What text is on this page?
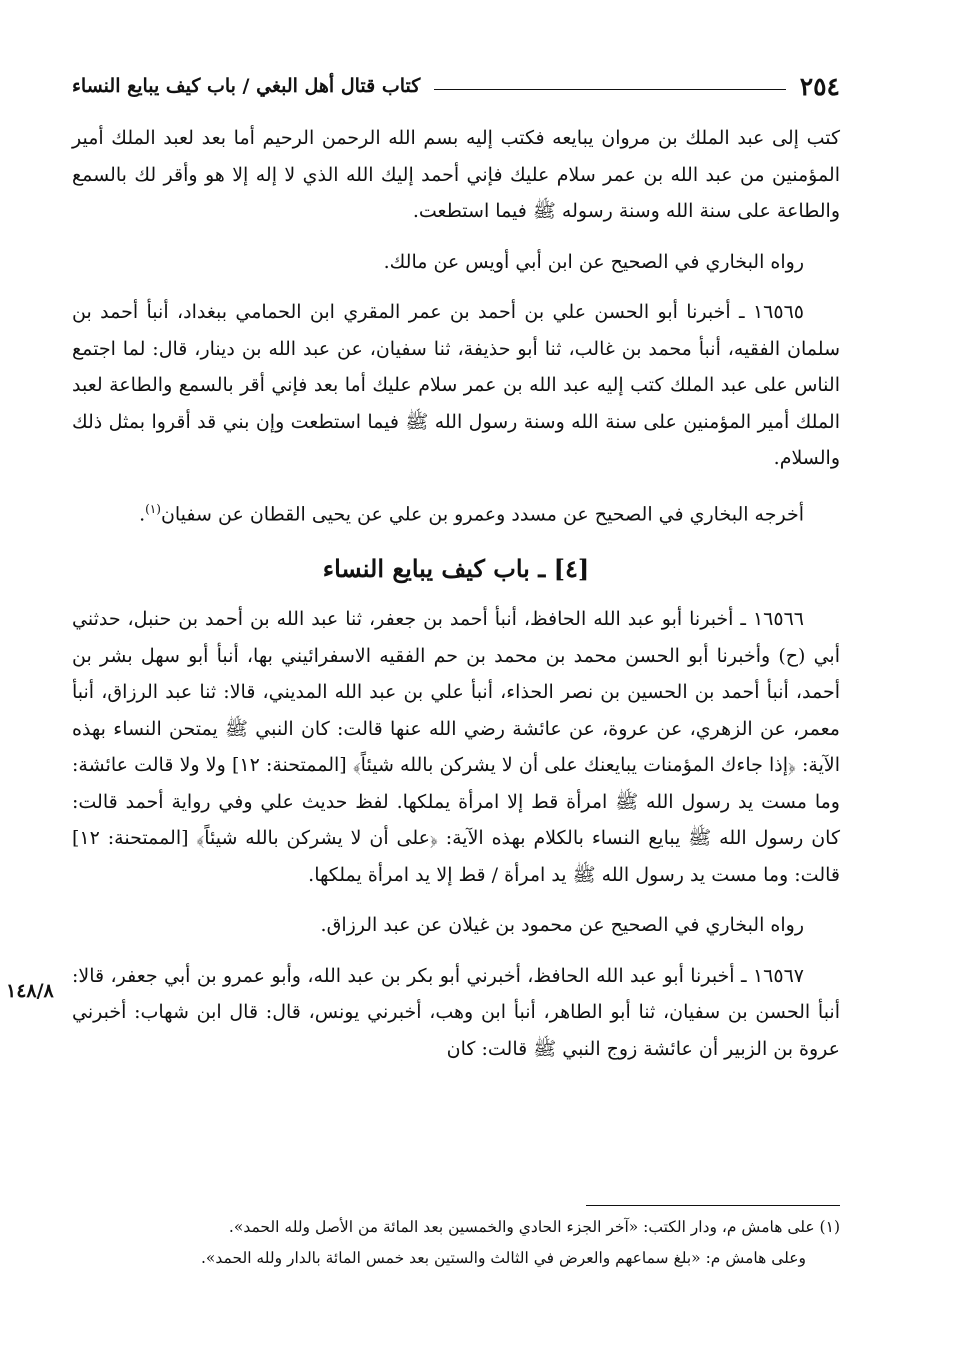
٢٥٤
كتاب قتال أهل البغي / باب كيف يبايع النساء

كتب إلى عبد الملك بن مروان يبايعه فكتب إليه بسم الله الرحمن الرحيم أما بعد لعبد الملك أمير المؤمنين من عبد الله بن عمر سلام عليك فإني أحمد إليك الله الذي لا إله إلا هو وأقر لك بالسمع والطاعة على سنة الله وسنة رسوله ﷺ فيما استطعت.

رواه البخاري في الصحيح عن ابن أبي أويس عن مالك.

١٦٥٦٥ ـ أخبرنا أبو الحسن علي بن أحمد بن عمر المقري ابن الحمامي ببغداد، أنبأ أحمد بن سلمان الفقيه، أنبأ محمد بن غالب، ثنا أبو حذيفة، ثنا سفيان، عن عبد الله بن دينار، قال: لما اجتمع الناس على عبد الملك كتب إليه عبد الله بن عمر سلام عليك أما بعد فإني أقر بالسمع والطاعة لعبد الملك أمير المؤمنين على سنة الله وسنة رسول الله ﷺ فيما استطعت وإن بني قد أقروا بمثل ذلك والسلام.

أخرجه البخاري في الصحيح عن مسدد وعمرو بن علي عن يحيى القطان عن سفيان$^{(١)}$.

[٤] ـ باب كيف يبايع النساء

١٦٥٦٦ ـ أخبرنا أبو عبد الله الحافظ، أنبأ أحمد بن جعفر، ثنا عبد الله بن أحمد بن حنبل، حدثني أبي (ح) وأخبرنا أبو الحسن محمد بن محمد بن حم الفقيه الاسفرائيني بها، أنبأ أبو سهل بشر بن أحمد، أنبأ أحمد بن الحسين بن نصر الحذاء، أنبأ علي بن عبد الله المديني، قالا: ثنا عبد الرزاق، أنبأ معمر، عن الزهري، عن عروة، عن عائشة رضي الله عنها قالت: كان النبي ﷺ يمتحن النساء بهذه الآية: ﴿إذا جاءك المؤمنات يبايعنك على أن لا يشركن بالله شيئاً﴾ [الممتحنة: ١٢] ولا ولا قالت عائشة: وما مست يد رسول الله ﷺ امرأة قط إلا امرأة يملكها. لفظ حديث علي وفي رواية أحمد قالت: كان رسول الله ﷺ يبايع النساء بالكلام بهذه الآية: ﴿على أن لا يشركن بالله شيئاً﴾ [الممتحنة: ١٢] قالت: وما مست يد رسول الله ﷺ يد امرأة / قط إلا يد امرأة يملكها.

رواه البخاري في الصحيح عن محمود بن غيلان عن عبد الرزاق.

١٦٥٦٧ ـ أخبرنا أبو عبد الله الحافظ، أخبرني أبو بكر بن عبد الله، وأبو عمرو بن أبي جعفر، قالا: أنبأ الحسن بن سفيان، ثنا أبو الطاهر، أنبأ ابن وهب، أخبرني يونس، قال: قال ابن شهاب: أخبرني عروة بن الزبير أن عائشة زوج النبي ﷺ قالت: كان

١٤٨/٨

(١) على هامش م، ودار الكتب: «آخر الجزء الحادي والخمسين بعد المائة من الأصل ولله الحمد».

وعلى هامش م: «بلغ سماعهم والعرض في الثالث والستين بعد خمس المائة بالدار ولله الحمد».
